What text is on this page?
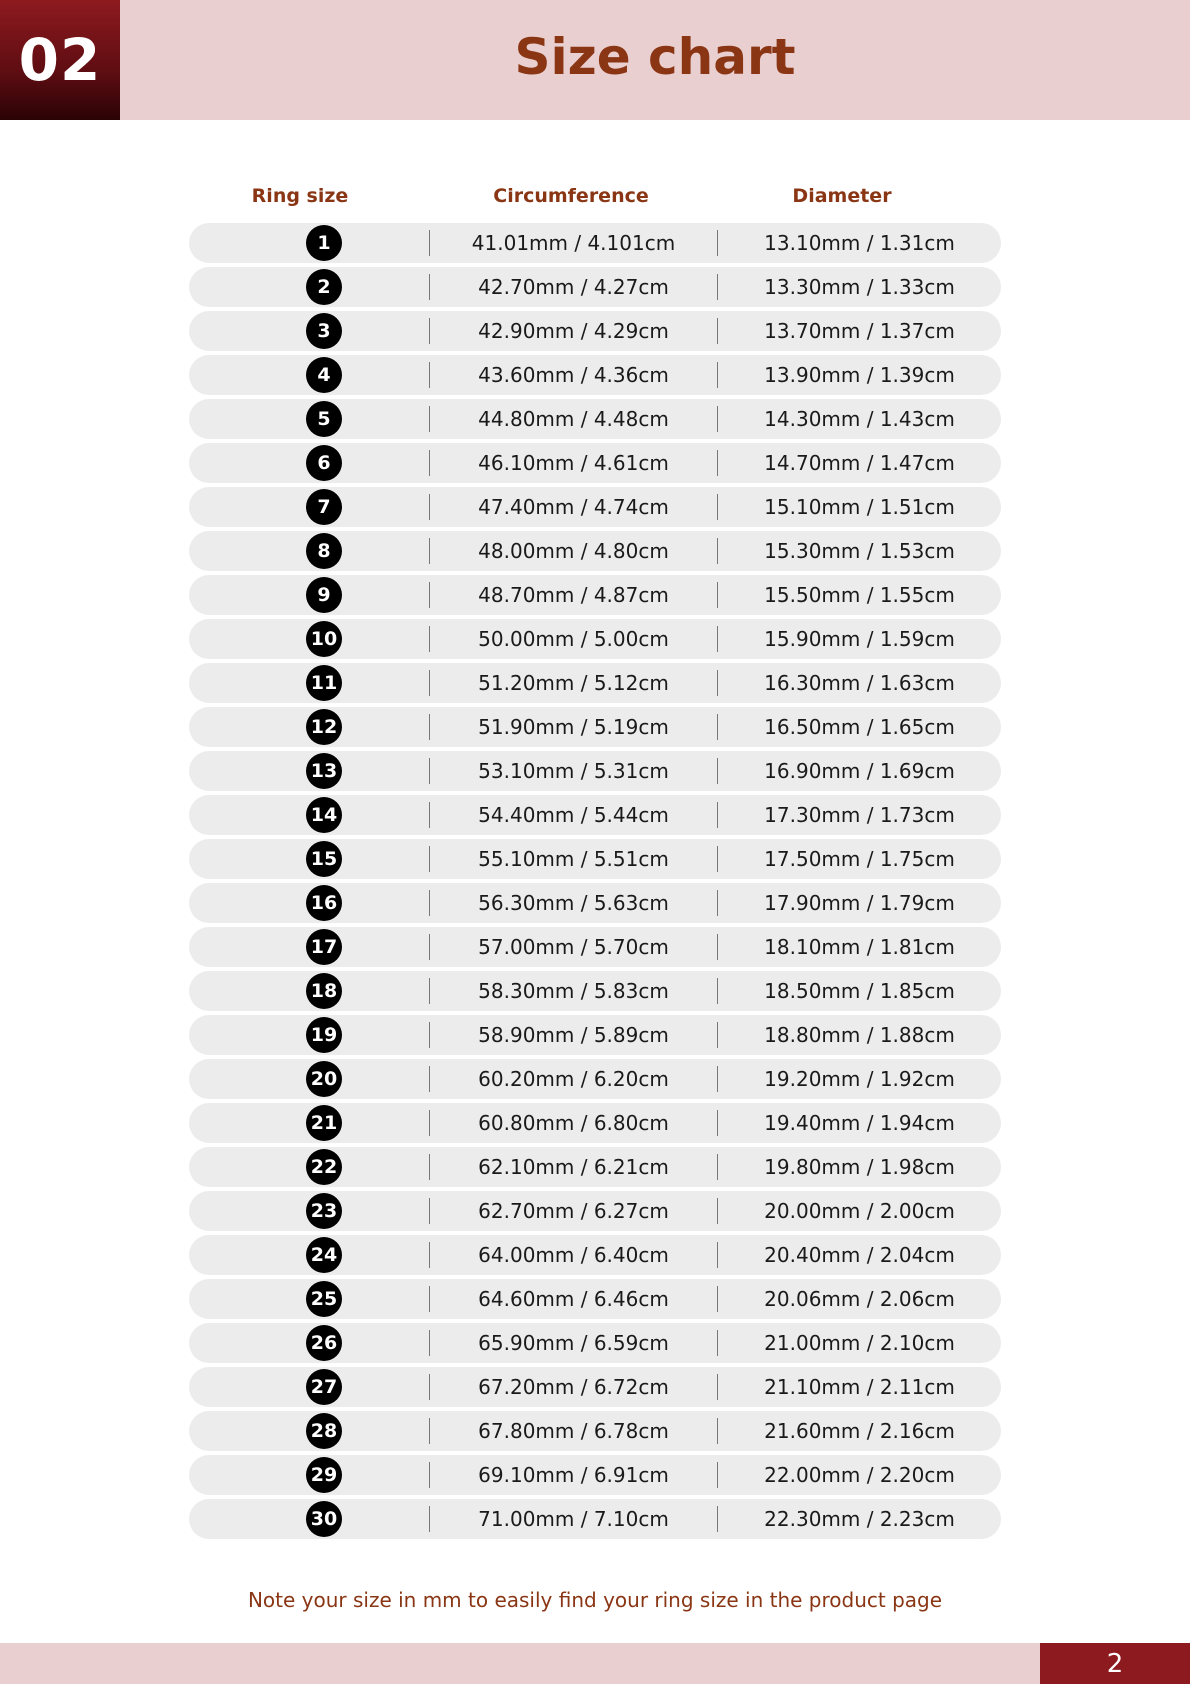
02	Size chart
Ring size	Circumference	Diameter
1	41.01mm / 4.101cm	13.10mm / 1.31cm
2	42.70mm / 4.27cm	13.30mm / 1.33cm
3	42.90mm / 4.29cm	13.70mm / 1.37cm
4	43.60mm / 4.36cm	13.90mm / 1.39cm
5	44.80mm / 4.48cm	14.30mm / 1.43cm
6	46.10mm / 4.61cm	14.70mm / 1.47cm
7	47.40mm / 4.74cm	15.10mm / 1.51cm
8	48.00mm / 4.80cm	15.30mm / 1.53cm
9	48.70mm / 4.87cm	15.50mm / 1.55cm
10	50.00mm / 5.00cm	15.90mm / 1.59cm
11	51.20mm / 5.12cm	16.30mm / 1.63cm
12	51.90mm / 5.19cm	16.50mm / 1.65cm
13	53.10mm / 5.31cm	16.90mm / 1.69cm
14	54.40mm / 5.44cm	17.30mm / 1.73cm
15	55.10mm / 5.51cm	17.50mm / 1.75cm
16	56.30mm / 5.63cm	17.90mm / 1.79cm
17	57.00mm / 5.70cm	18.10mm / 1.81cm
18	58.30mm / 5.83cm	18.50mm / 1.85cm
19	58.90mm / 5.89cm	18.80mm / 1.88cm
20	60.20mm / 6.20cm	19.20mm / 1.92cm
21	60.80mm / 6.80cm	19.40mm / 1.94cm
22	62.10mm / 6.21cm	19.80mm / 1.98cm
23	62.70mm / 6.27cm	20.00mm / 2.00cm
24	64.00mm / 6.40cm	20.40mm / 2.04cm
25	64.60mm / 6.46cm	20.06mm / 2.06cm
26	65.90mm / 6.59cm	21.00mm / 2.10cm
27	67.20mm / 6.72cm	21.10mm / 2.11cm
28	67.80mm / 6.78cm	21.60mm / 2.16cm
29	69.10mm / 6.91cm	22.00mm / 2.20cm
30	71.00mm / 7.10cm	22.30mm / 2.23cm
Note your size in mm to easily find your ring size in the product page
2
